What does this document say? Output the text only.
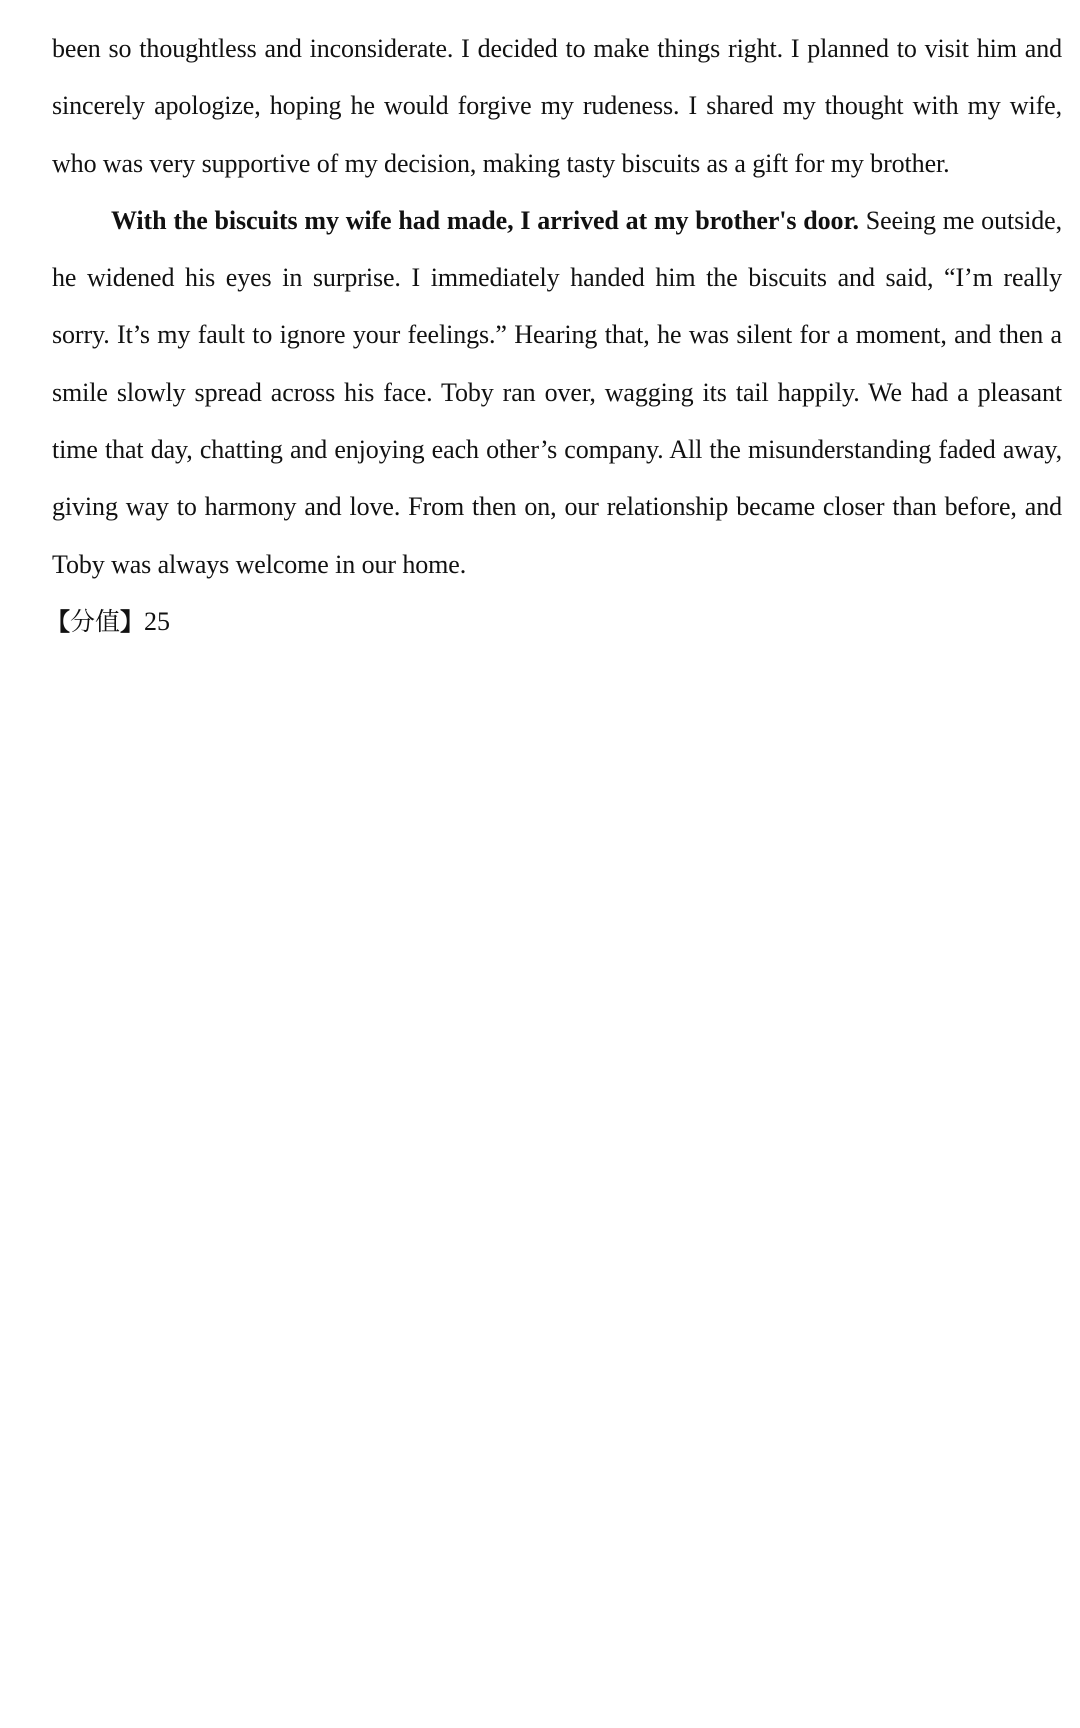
been so thoughtless and inconsiderate. I decided to make things right. I planned to visit him and sincerely apologize, hoping he would forgive my rudeness. I shared my thought with my wife, who was very supportive of my decision, making tasty biscuits as a gift for my brother.

With the biscuits my wife had made, I arrived at my brother's door. Seeing me outside, he widened his eyes in surprise. I immediately handed him the biscuits and said, “I’m really sorry. It’s my fault to ignore your feelings.” Hearing that, he was silent for a moment, and then a smile slowly spread across his face. Toby ran over, wagging its tail happily. We had a pleasant time that day, chatting and enjoying each other’s company. All the misunderstanding faded away, giving way to harmony and love. From then on, our relationship became closer than before, and Toby was always welcome in our home.

【分值】25
